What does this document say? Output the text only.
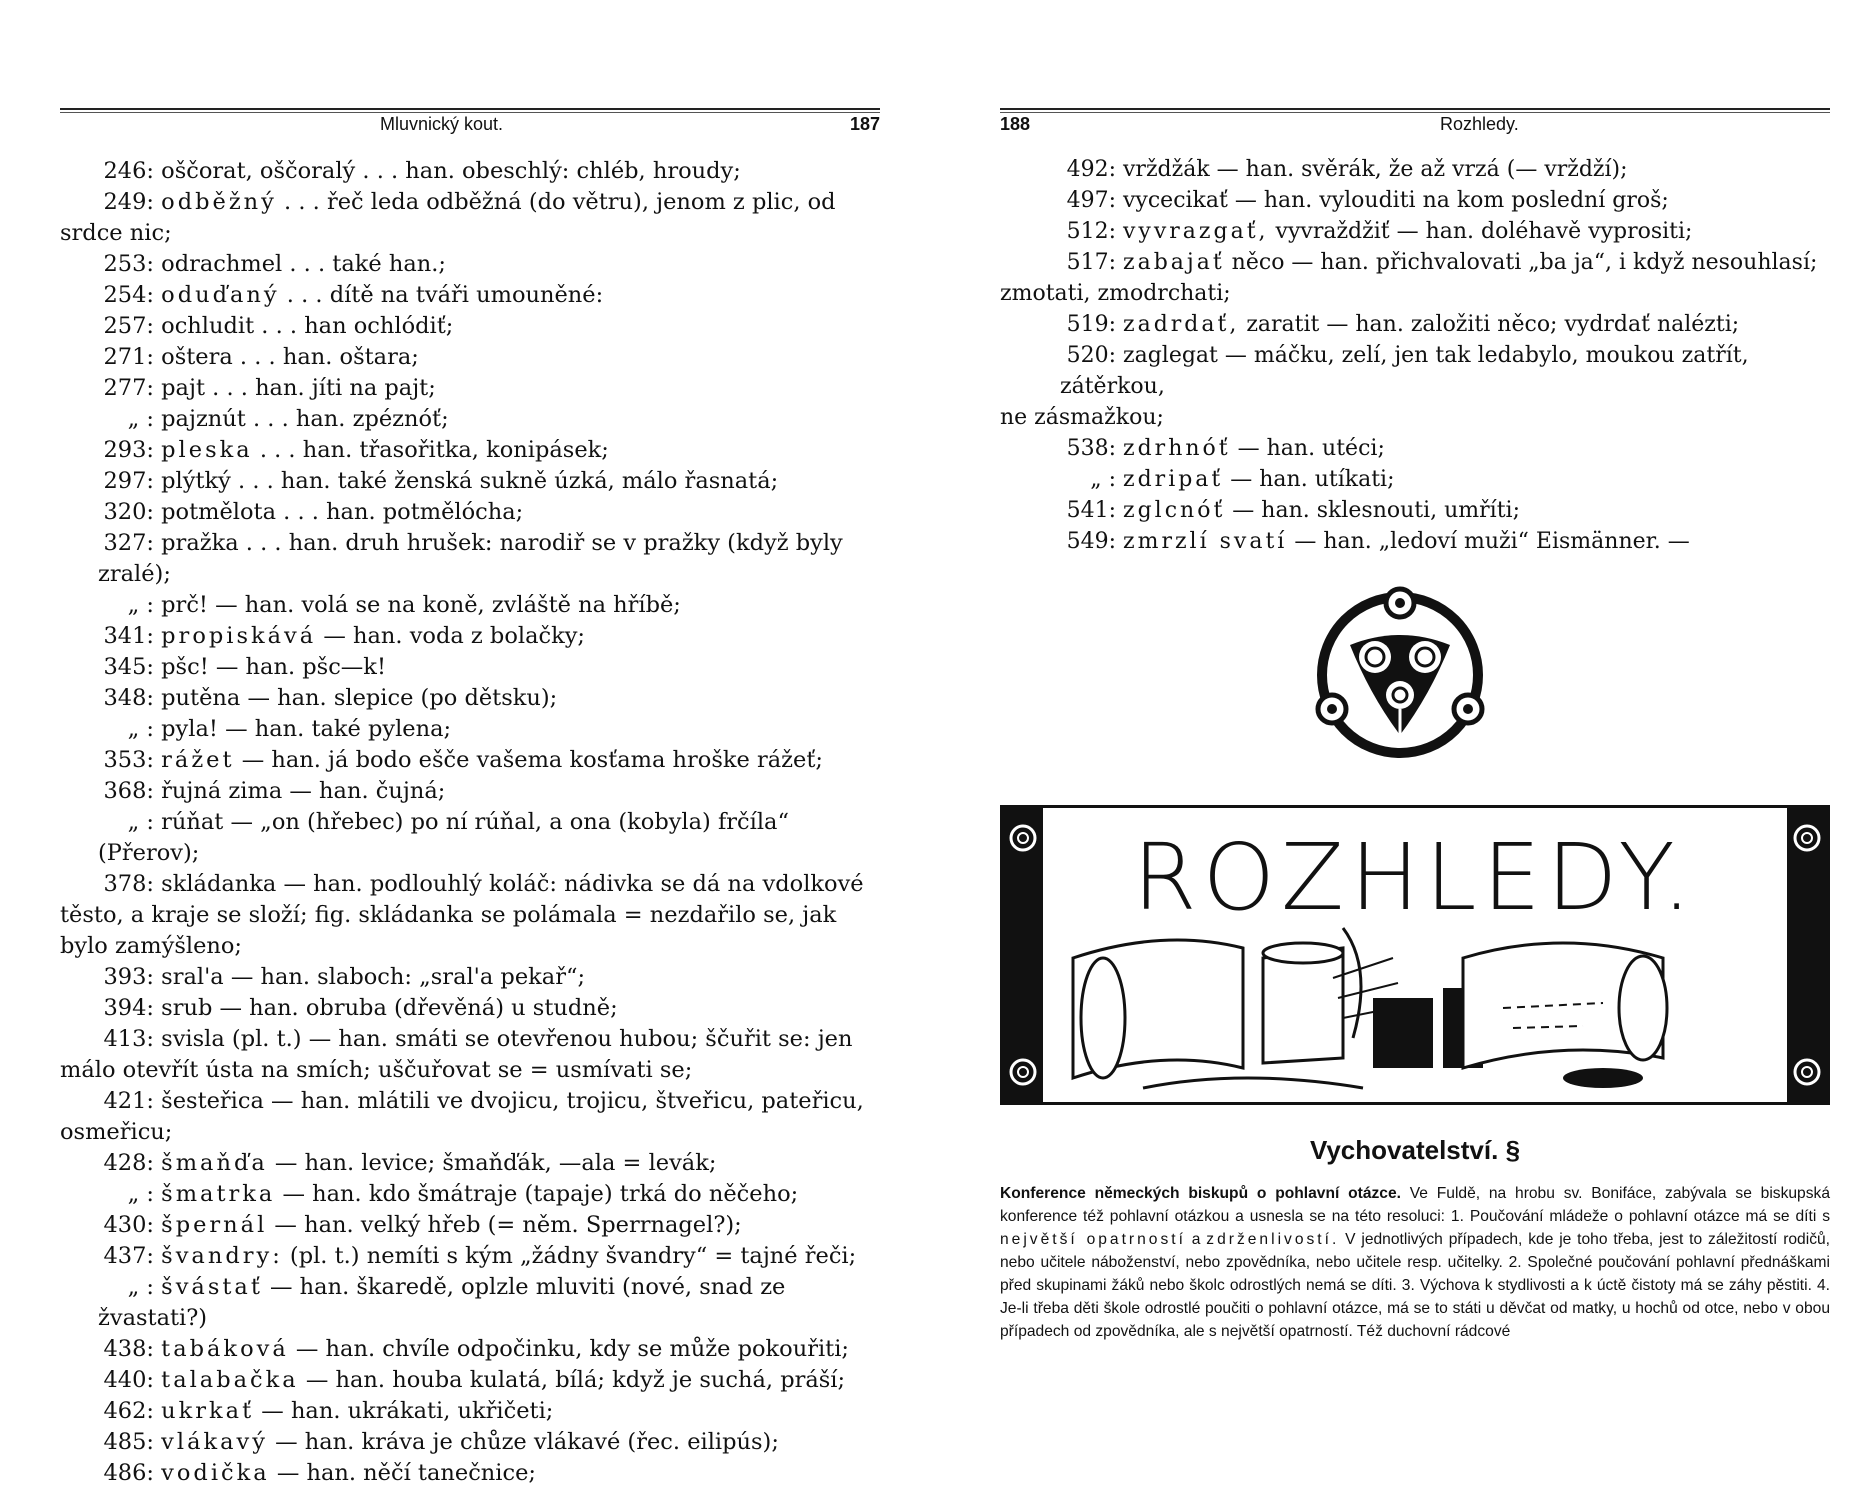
Mluvnický kout.	187

246: oščorat, oščoralý . . . han. obeschlý: chléb, hroudy;

249: odběžný . . . řeč leda odběžná (do větru), jenom z plic, od

srdce nic;

253: odrachmel . . . také han.;

254: oduďaný . . . dítě na tváři umouněné:

257: ochludit . . . han ochlódiť;

271: oštera . . . han. oštara;

277: pajt . . . han. jíti na pajt;

„ : pajznút . . . han. zpéznóť;

293: pleska . . . han. třasořitka, konipásek;

297: plýtký . . . han. také ženská sukně úzká, málo řasnatá;

320: potmělota . . . han. potmělócha;

327: pražka . . . han. druh hrušek: narodiř se v pražky (když byly zralé);

„ : prč! — han. volá se na koně, zvláště na hříbě;

341: propiskává — han. voda z bolačky;

345: pšc! — han. pšc—k!

348: putěna — han. slepice (po dětsku);

„ : pyla! — han. také pylena;

353: rážet — han. já bodo ešče vašema kosťama hroške rážeť;

368: řujná zima — han. čujná;

„ : rúňat — „on (hřebec) po ní rúňal, a ona (kobyla) frčíla“ (Přerov);

378: skládanka — han. podlouhlý koláč: nádivka se dá na vdolkové

těsto, a kraje se složí; fig. skládanka se polámala = nezdařilo se, jak

bylo zamýšleno;

393: sral'a — han. slaboch: „sral'a pekař“;

394: srub — han. obruba (dřevěná) u studně;

413: svisla (pl. t.) — han. smáti se otevřenou hubou; ščuřit se: jen

málo otevřít ústa na smích; uščuřovat se = usmívati se;

421: šesteřica — han. mlátili ve dvojicu, trojicu, štveřicu, pateřicu,

osmeřicu;

428: šmaňďa — han. levice; šmaňďák, —ala = levák;

„ : šmatrka — han. kdo šmátraje (tapaje) trká do něčeho;

430: špernál — han. velký hřeb (= něm. Sperrnagel?);

437: švandry: (pl. t.) nemíti s kým „žádny švandry“ = tajné řeči;

„ : švástať — han. škaredě, oplzle mluviti (nové, snad ze žvastati?)

438: tabáková — han. chvíle odpočinku, kdy se může pokouřiti;

440: talabačka — han. houba kulatá, bílá; když je suchá, práší;

462: ukrkať — han. ukrákati, ukřičeti;

485: vlákavý — han. kráva je chůze vlákavé (řec. eilipús);

486: vodička — han. něčí tanečnice;

188	Rozhledy.

492: vrždžák — han. svěrák, že až vrzá (— vrždží);

497: vycecikať — han. vylouditi na kom poslední groš;

512: vyvrazgať, vyvraždžiť — han. doléhavě vyprositi;

517: zabajať něco — han. přichvalovati „ba ja“, i když nesouhlasí;

zmotati, zmodrchati;

519: zadrdať, zaratit — han. založiti něco; vydrdať nalézti;

520: zaglegat — máčku, zelí, jen tak ledabylo, moukou zatřít, zátěrkou,

ne zásmažkou;

538: zdrhnóť — han. utéci;

„ : zdripať — han. utíkati;

541: zglcnóť — han. sklesnouti, umříti;

549: zmrzlí svatí — han. „ledoví muži“ Eismänner. —

ROZHLEDY.
Vychovatelství. §
Konference německých biskupů o pohlavní otázce. Ve Fuldě, na hrobu sv. Bonifáce, zabývala se biskupská konference též pohlavní otázkou a usnesla se na této resoluci: 1. Poučování mládeže o pohlavní otázce má se díti s největší opatrností a zdrženlivostí. V jednotlivých případech, kde je toho třeba, jest to záležitostí rodičů, nebo učitele náboženství, nebo zpovědníka, nebo učitele resp. učitelky. 2. Společné poučování pohlavní přednáškami před skupinami žáků nebo školc odrostlých nemá se díti. 3. Výchova k stydlivosti a k úctě čistoty má se záhy pěstiti. 4. Je-li třeba děti škole odrostlé poučiti o pohlavní otázce, má se to státi u děvčat od matky, u hochů od otce, nebo v obou případech od zpovědníka, ale s největší opatrností. Též duchovní rádcové
